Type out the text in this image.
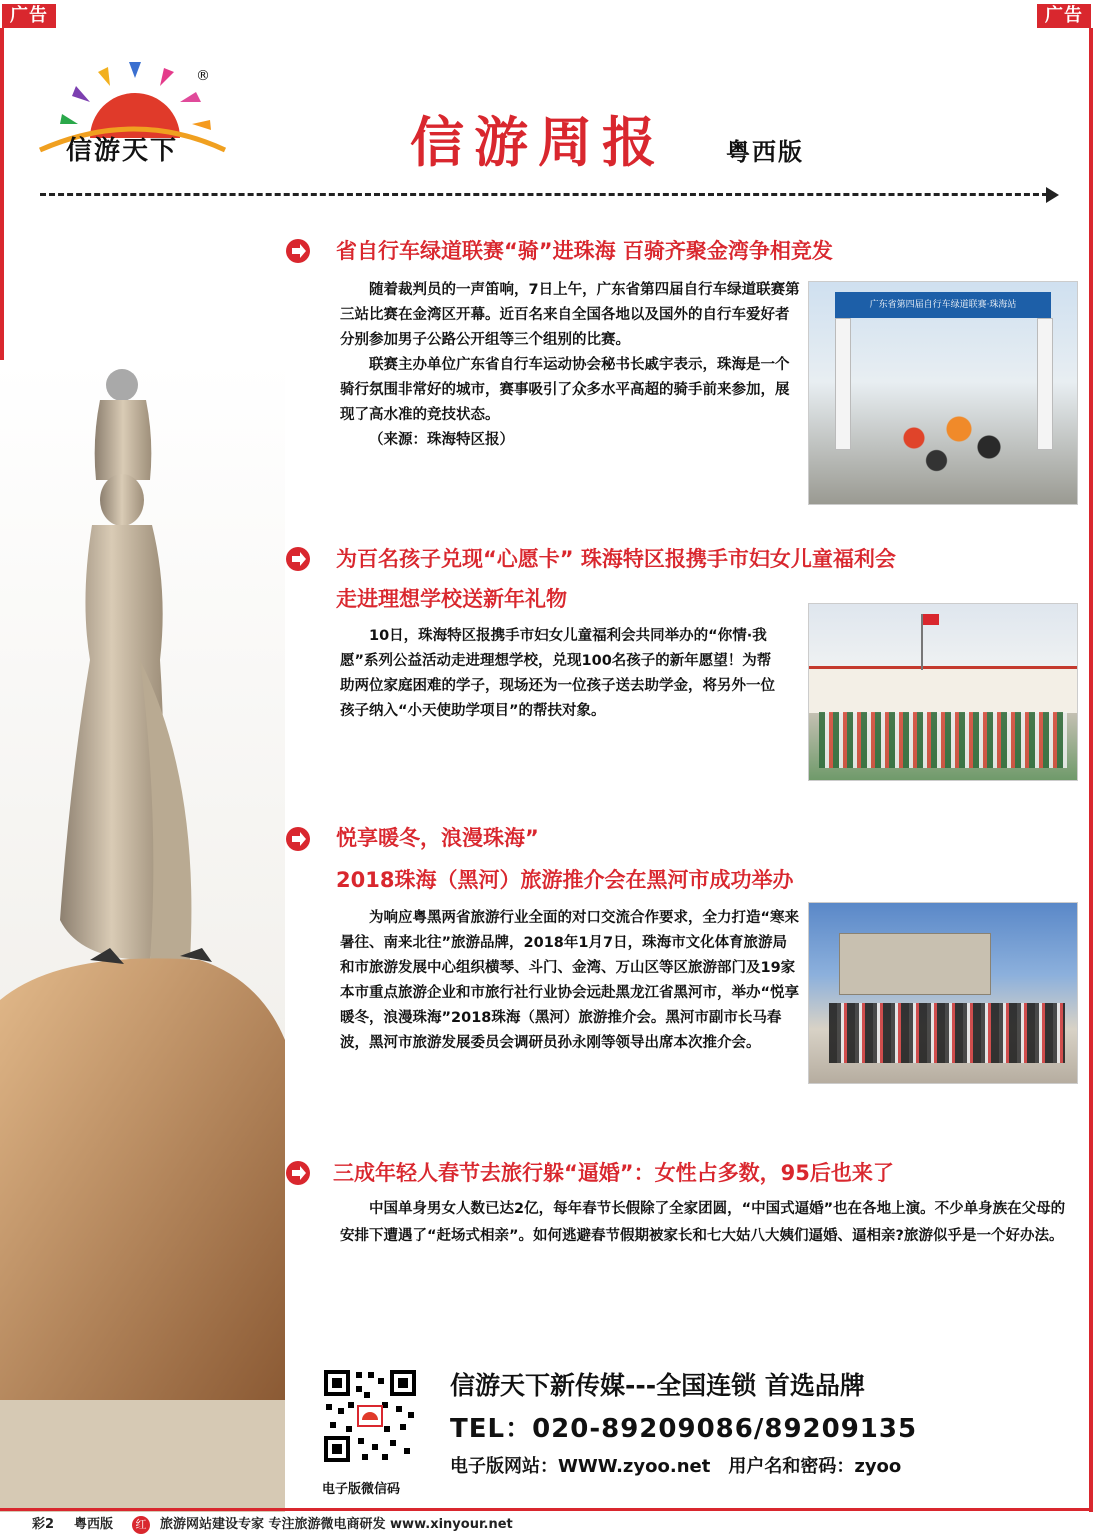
广告	广告
信游天下
®
信游周报	粤西版
省自行车绿道联赛“骑”进珠海 百骑齐聚金湾争相竞发

随着裁判员的一声笛响，7日上午，广东省第四届自行车绿道联赛第三站比赛在金湾区开幕。近百名来自全国各地以及国外的自行车爱好者分别参加男子公路公开组等三个组别的比赛。

联赛主办单位广东省自行车运动协会秘书长戚宇表示，珠海是一个骑行氛围非常好的城市，赛事吸引了众多水平高超的骑手前来参加，展现了高水准的竞技状态。

（来源：珠海特区报）

广东省第四届自行车绿道联赛·珠海站
为百名孩子兑现“心愿卡” 珠海特区报携手市妇女儿童福利会
走进理想学校送新年礼物

10日，珠海特区报携手市妇女儿童福利会共同举办的“你情·我愿”系列公益活动走进理想学校，兑现100名孩子的新年愿望！为帮助两位家庭困难的学子，现场还为一位孩子送去助学金，将另外一位孩子纳入“小天使助学项目”的帮扶对象。

悦享暖冬，浪漫珠海”
2018珠海（黑河）旅游推介会在黑河市成功举办

为响应粤黑两省旅游行业全面的对口交流合作要求，全力打造“寒来暑往、南来北往”旅游品牌，2018年1月7日，珠海市文化体育旅游局和市旅游发展中心组织横琴、斗门、金湾、万山区等区旅游部门及19家本市重点旅游企业和市旅行社行业协会远赴黑龙江省黑河市，举办“悦享暖冬，浪漫珠海”2018珠海（黑河）旅游推介会。黑河市副市长马春波，黑河市旅游发展委员会调研员孙永刚等领导出席本次推介会。

三成年轻人春节去旅行躲“逼婚”：女性占多数，95后也来了

中国单身男女人数已达2亿，每年春节长假除了全家团圆，“中国式逼婚”也在各地上演。不少单身族在父母的安排下遭遇了“赶场式相亲”。如何逃避春节假期被家长和七大姑八大姨们逼婚、逼相亲?旅游似乎是一个好办法。

电子版微信码
信游天下新传媒---全国连锁 首选品牌
TEL：020-89209086/89209135
电子版网站：WWW.zyoo.net　用户名和密码：zyoo
彩2 粤西版	红 旅游网站建设专家 专注旅游微电商研发 www.xinyour.net
